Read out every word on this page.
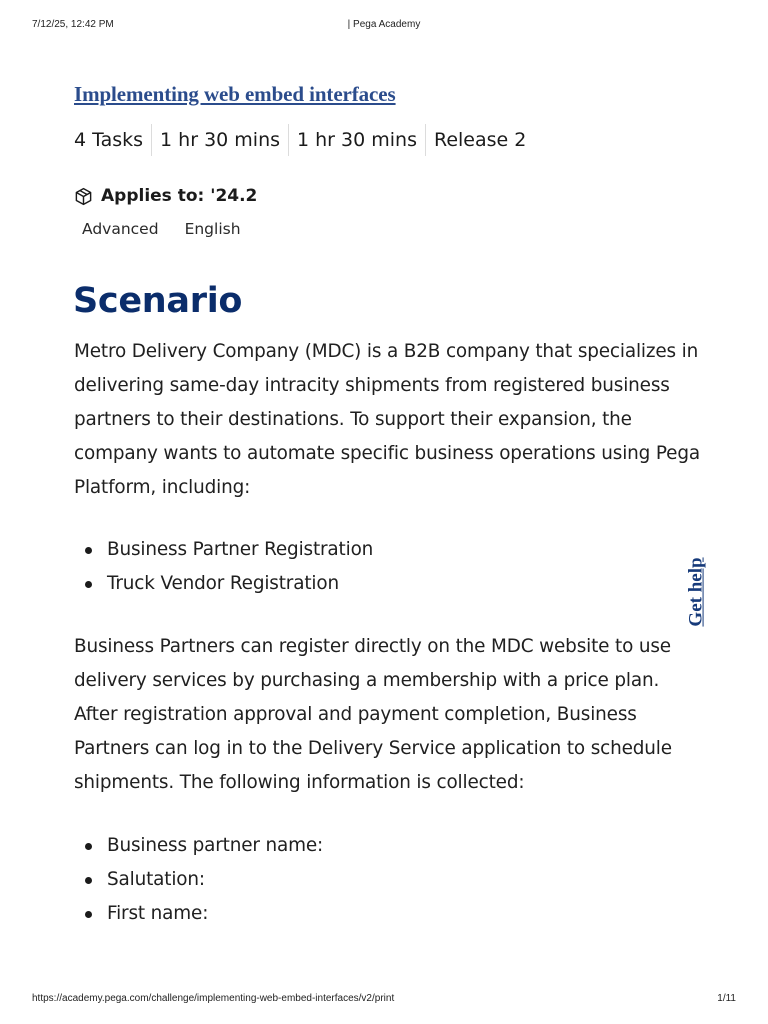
7/12/25, 12:42 PM	| Pega Academy
Implementing web embed interfaces
4 Tasks 1 hr 30 mins 1 hr 30 mins Release 2
Applies to: '24.2
Advanced English
Scenario

Metro Delivery Company (MDC) is a B2B company that specializes in delivering same-day intracity shipments from registered business partners to their destinations. To support their expansion, the company wants to automate specific business operations using Pega Platform, including:

Business Partner Registration
Truck Vendor Registration

Business Partners can register directly on the MDC website to use delivery services by purchasing a membership with a price plan. After registration approval and payment completion, Business Partners can log in to the Delivery Service application to schedule shipments. The following information is collected:

Business partner name:
Salutation:
First name:
Get help
https://academy.pega.com/challenge/implementing-web-embed-interfaces/v2/print	1/11
